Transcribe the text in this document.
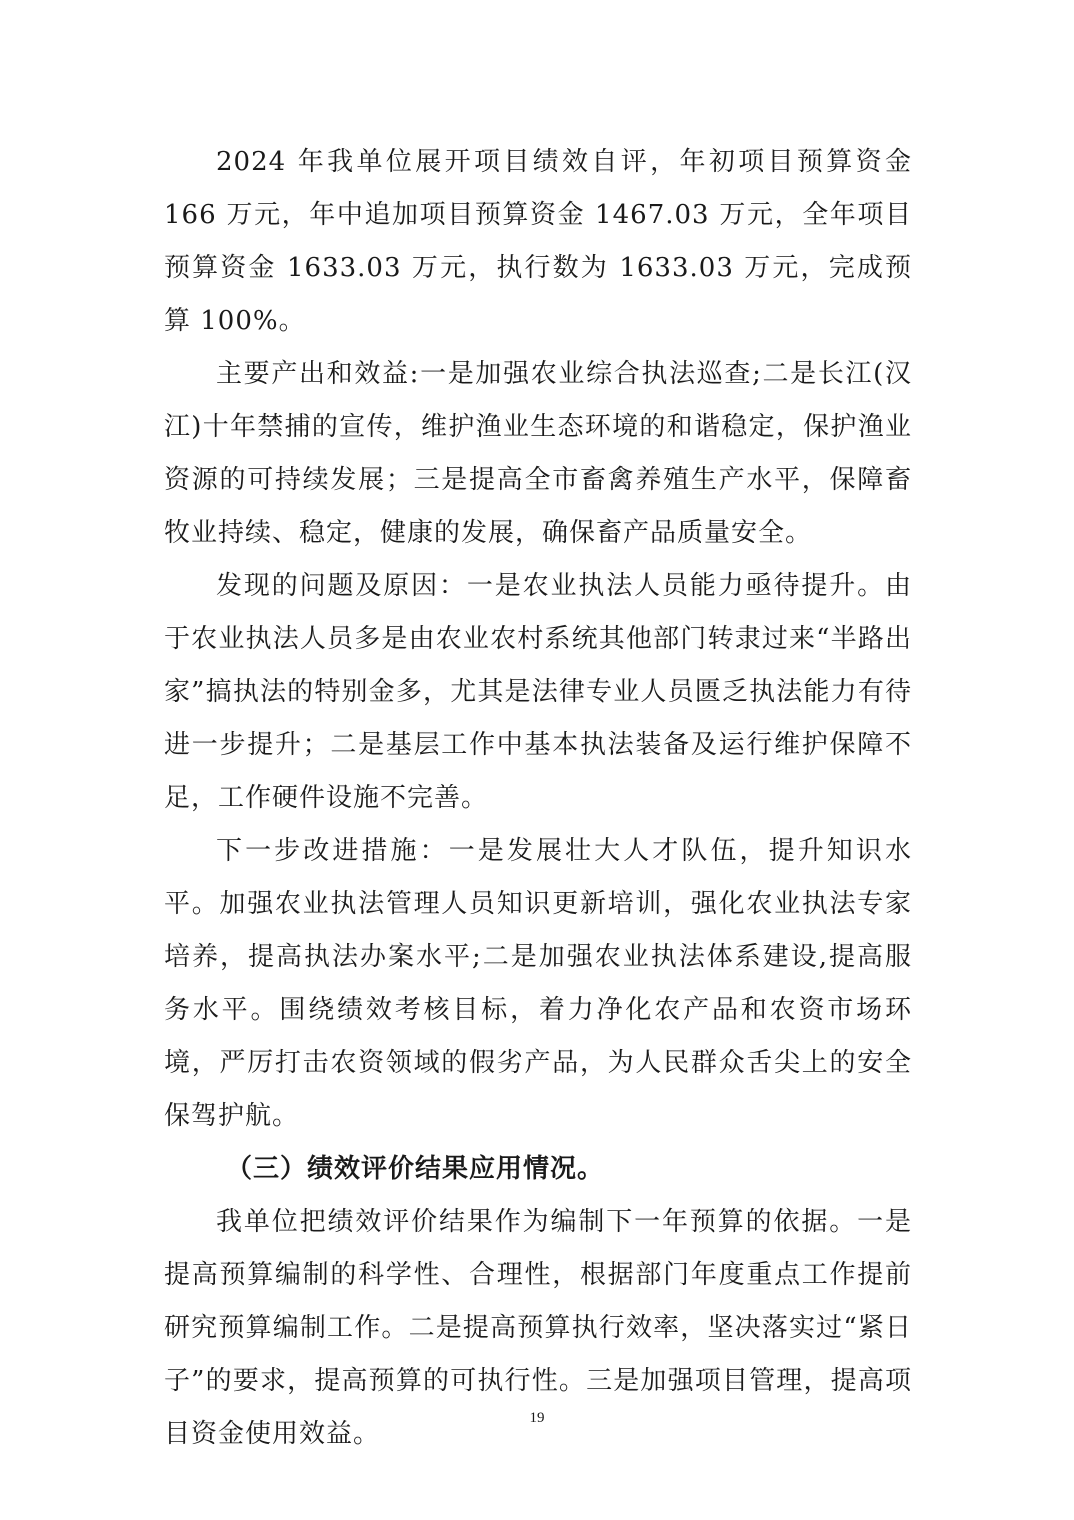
2024 年我单位展开项目绩效自评，年初项目预算资金 166 万元，年中追加项目预算资金 1467.03 万元，全年项目预算资金 1633.03 万元，执行数为 1633.03 万元，完成预算 100%。

主要产出和效益:一是加强农业综合执法巡查;二是长江(汉江)十年禁捕的宣传，维护渔业生态环境的和谐稳定，保护渔业资源的可持续发展；三是提高全市畜禽养殖生产水平，保障畜牧业持续、稳定，健康的发展，确保畜产品质量安全。

发现的问题及原因：一是农业执法人员能力亟待提升。由于农业执法人员多是由农业农村系统其他部门转隶过来“半路出家”搞执法的特别金多，尤其是法律专业人员匮乏执法能力有待进一步提升；二是基层工作中基本执法装备及运行维护保障不足，工作硬件设施不完善。

下一步改进措施：一是发展壮大人才队伍，提升知识水平。加强农业执法管理人员知识更新培训，强化农业执法专家培养，提高执法办案水平;二是加强农业执法体系建设,提高服务水平。围绕绩效考核目标，着力净化农产品和农资市场环境，严厉打击农资领域的假劣产品，为人民群众舌尖上的安全保驾护航。

（三）绩效评价结果应用情况。

我单位把绩效评价结果作为编制下一年预算的依据。一是提高预算编制的科学性、合理性，根据部门年度重点工作提前研究预算编制工作。二是提高预算执行效率，坚决落实过“紧日子”的要求，提高预算的可执行性。三是加强项目管理，提高项目资金使用效益。

19
